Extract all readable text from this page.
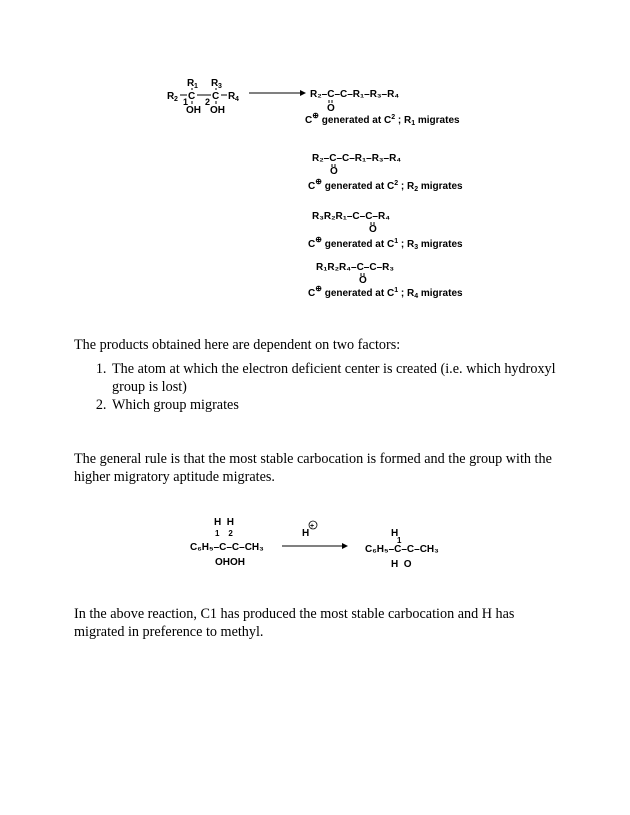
R 1 R 3
R 2 C C R 4
1 2
OH OH
R₂–C–C–R₁–R₃–R₄
O
C⊕ generated at $C^2$ ; $R_1$ migrates
R₂–C–C–R₁–R₃–R₄
O
C⊕ generated at $C^2$ ; $R_2$ migrates
R₃R₂R₁–C–C–R₄
O
C⊕ generated at $C^1$ ; $R_3$ migrates
R₁R₂R₄–C–C–R₃
O
C⊕ generated at $C^1$ ; $R_4$ migrates
The products obtained here are dependent on two factors:
1. The atom at which the electron deficient center is created (i.e. which hydroxyl group is lost)
2. Which group migrates
The general rule is that the most stable carbocation is formed and the group with the higher migratory aptitude migrates.
H  H
1    2
C₆H₅–C–C–CH₃
OHOH
H
+
H
1
C₆H₅–C–C–CH₃
H  O
In the above reaction, C1 has produced the most stable carbocation and H has migrated in preference to methyl.
